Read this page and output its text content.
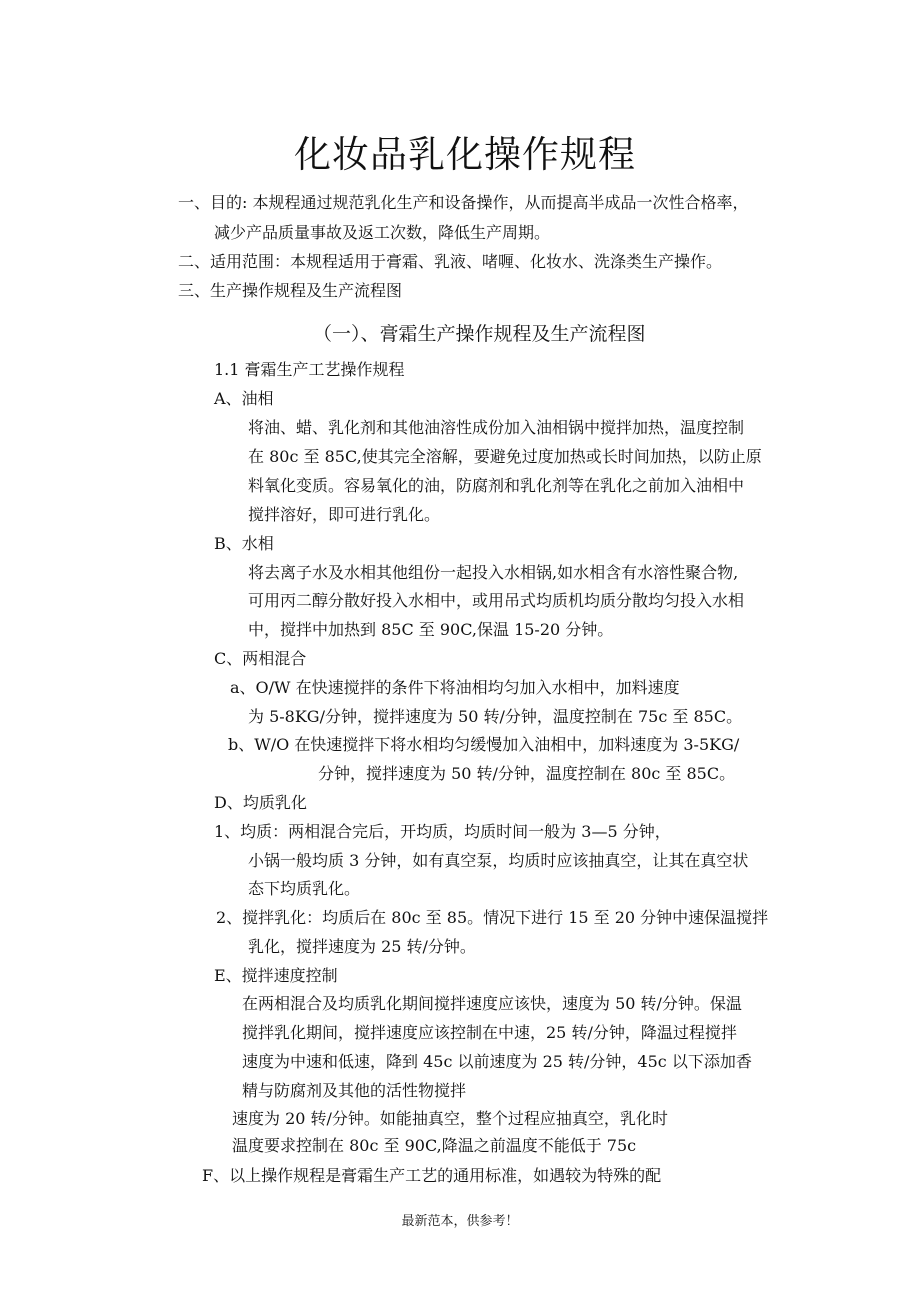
化妆品乳化操作规程
一、目的: 本规程通过规范乳化生产和设备操作，从而提高半成品一次性合格率，
减少产品质量事故及返工次数，降低生产周期。
二、适用范围：本规程适用于膏霜、乳液、啫喱、化妆水、洗涤类生产操作。
三、生产操作规程及生产流程图
（一）、膏霜生产操作规程及生产流程图
1.1 膏霜生产工艺操作规程
A、油相
将油、蜡、乳化剂和其他油溶性成份加入油相锅中搅拌加热，温度控制
在 80c 至 85C,使其完全溶解，要避免过度加热或长时间加热，以防止原
料氧化变质。容易氧化的油，防腐剂和乳化剂等在乳化之前加入油相中
搅拌溶好，即可进行乳化。
B、水相
将去离子水及水相其他组份一起投入水相锅,如水相含有水溶性聚合物,
可用丙二醇分散好投入水相中，或用吊式均质机均质分散均匀投入水相
中，搅拌中加热到 85C 至 90C,保温 15-20 分钟。
C、两相混合
a、O/W 在快速搅拌的条件下将油相均匀加入水相中，加料速度
为 5-8KG/分钟，搅拌速度为 50 转/分钟，温度控制在 75c 至 85C。
b、W/O 在快速搅拌下将水相均匀缓慢加入油相中，加料速度为 3-5KG/
分钟，搅拌速度为 50 转/分钟，温度控制在 80c 至 85C。
D、均质乳化
1、均质：两相混合完后，开均质，均质时间一般为 3—5 分钟，
小锅一般均质 3 分钟，如有真空泵，均质时应该抽真空，让其在真空状
态下均质乳化。
2、搅拌乳化：均质后在 80c 至 85。情况下进行 15 至 20 分钟中速保温搅拌
乳化，搅拌速度为 25 转/分钟。
E、搅拌速度控制
在两相混合及均质乳化期间搅拌速度应该快，速度为 50 转/分钟。保温
搅拌乳化期间，搅拌速度应该控制在中速，25 转/分钟，降温过程搅拌
速度为中速和低速，降到 45c 以前速度为 25 转/分钟，45c 以下添加香
精与防腐剂及其他的活性物搅拌
速度为 20 转/分钟。如能抽真空，整个过程应抽真空，乳化时
温度要求控制在 80c 至 90C,降温之前温度不能低于 75c
F、以上操作规程是膏霜生产工艺的通用标准，如遇较为特殊的配
最新范本，供参考！
